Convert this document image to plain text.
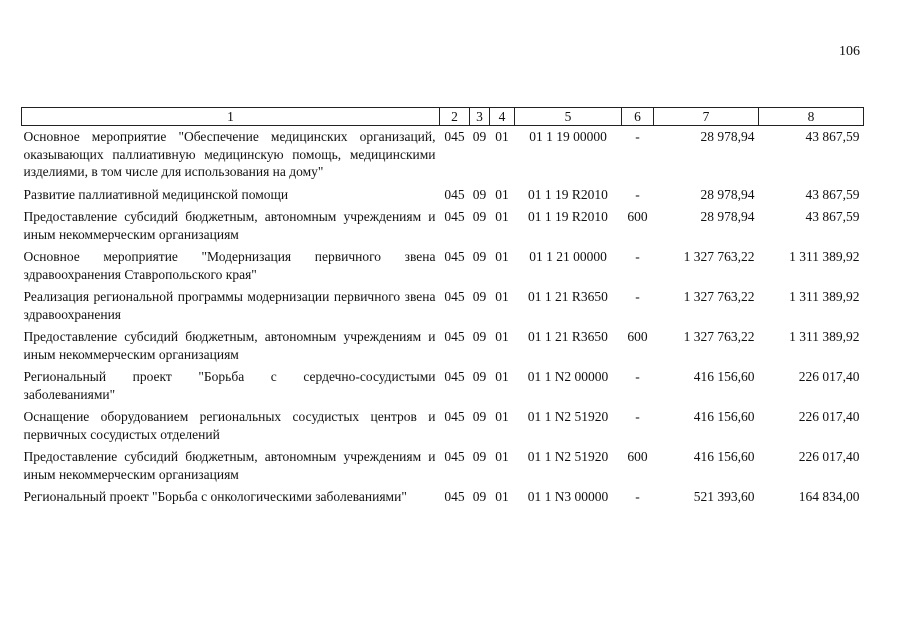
106
1	2	3	4	5	6	7	8
Основное мероприятие "Обеспечение медицинских организаций, оказывающих паллиативную медицинскую помощь, медицинскими изделиями, в том числе для использования на дому"	045	09	01	01 1 19 00000	-	28 978,94	43 867,59
Развитие паллиативной медицинской помощи	045	09	01	01 1 19 R2010	-	28 978,94	43 867,59
Предоставление субсидий бюджетным, автономным учреждениям и иным некоммерческим организациям	045	09	01	01 1 19 R2010	600	28 978,94	43 867,59
Основное мероприятие "Модернизация первичного звена здравоохранения Ставропольского края"	045	09	01	01 1 21 00000	-	1 327 763,22	1 311 389,92
Реализация региональной программы модернизации первичного звена здравоохранения	045	09	01	01 1 21 R3650	-	1 327 763,22	1 311 389,92
Предоставление субсидий бюджетным, автономным учреждениям и иным некоммерческим организациям	045	09	01	01 1 21 R3650	600	1 327 763,22	1 311 389,92
Региональный проект "Борьба с сердечно-сосудистыми заболеваниями"	045	09	01	01 1 N2 00000	-	416 156,60	226 017,40
Оснащение оборудованием региональных сосудистых центров и первичных сосудистых отделений	045	09	01	01 1 N2 51920	-	416 156,60	226 017,40
Предоставление субсидий бюджетным, автономным учреждениям и иным некоммерческим организациям	045	09	01	01 1 N2 51920	600	416 156,60	226 017,40
Региональный проект "Борьба с онкологическими заболеваниями"	045	09	01	01 1 N3 00000	-	521 393,60	164 834,00
